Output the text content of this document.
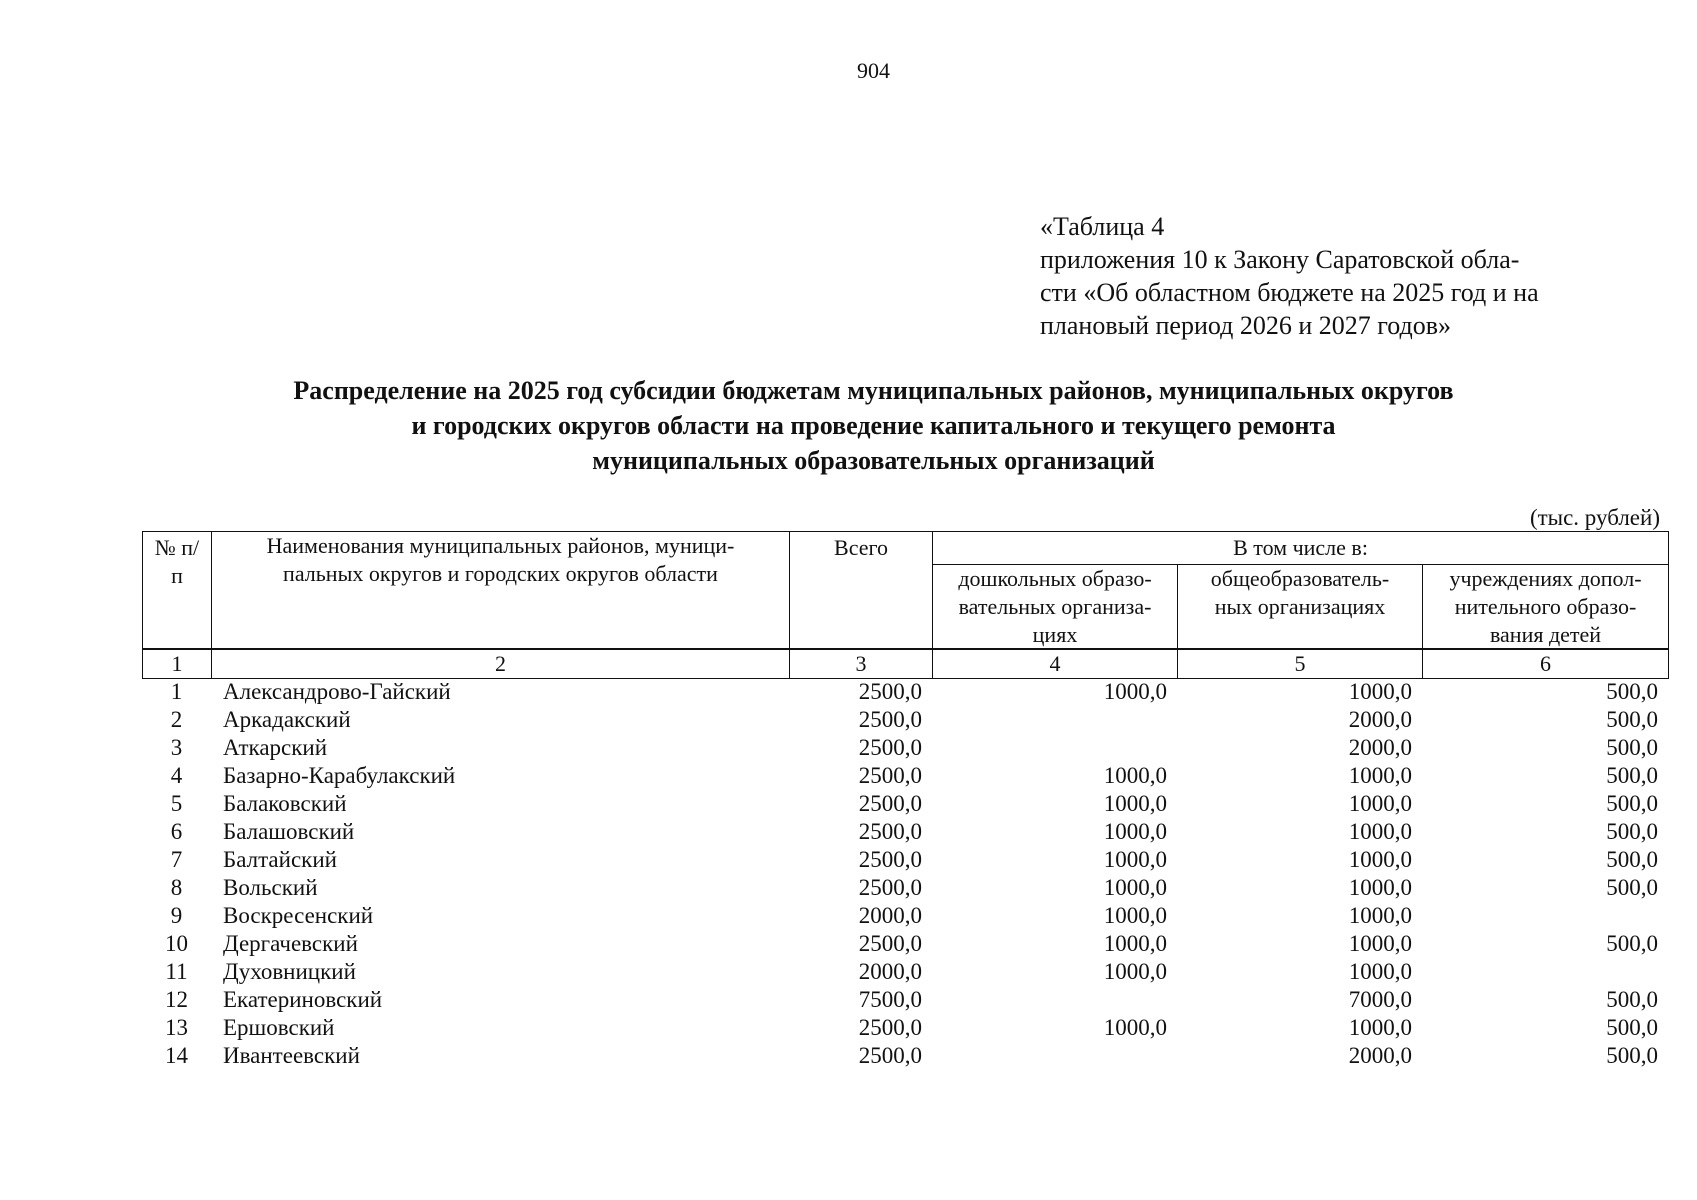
904
«Таблица 4
приложения 10 к Закону Саратовской обла-
сти «Об областном бюджете на 2025 год и на
плановый период 2026 и 2027 годов»
Распределение на 2025 год субсидии бюджетам муниципальных районов, муниципальных округов
и городских округов области на проведение капитального и текущего ремонта
муниципальных образовательных организаций
(тыс. рублей)
№ п/п	Наименования муниципальных районов, муници-пальных округов и городских округов области	Всего	В том числе в:		
			дошкольных образо-вательных организа-циях	общеобразователь-ных организациях	учреждениях допол-нительного образо-вания детей
1	2	3	4	5	6
1	Александрово-Гайский	2500,0	1000,0	1000,0	500,0
2	Аркадакский	2500,0		2000,0	500,0
3	Аткарский	2500,0		2000,0	500,0
4	Базарно-Карабулакский	2500,0	1000,0	1000,0	500,0
5	Балаковский	2500,0	1000,0	1000,0	500,0
6	Балашовский	2500,0	1000,0	1000,0	500,0
7	Балтайский	2500,0	1000,0	1000,0	500,0
8	Вольский	2500,0	1000,0	1000,0	500,0
9	Воскресенский	2000,0	1000,0	1000,0	
10	Дергачевский	2500,0	1000,0	1000,0	500,0
11	Духовницкий	2000,0	1000,0	1000,0	
12	Екатериновский	7500,0		7000,0	500,0
13	Ершовский	2500,0	1000,0	1000,0	500,0
14	Ивантеевский	2500,0		2000,0	500,0
